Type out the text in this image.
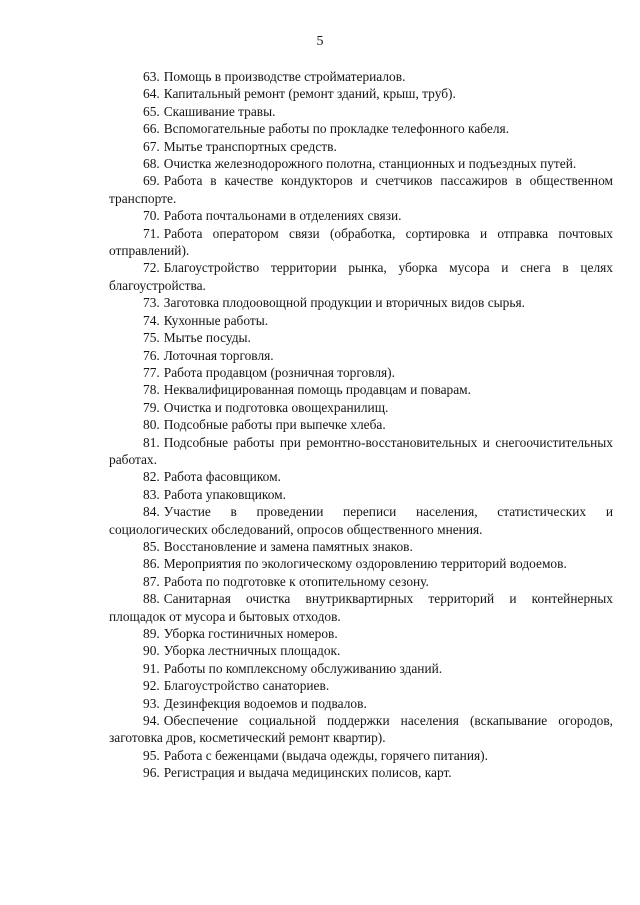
5

63. Помощь в производстве стройматериалов.

64. Капитальный ремонт (ремонт зданий, крыш, труб).

65. Скашивание травы.

66. Вспомогательные работы по прокладке телефонного кабеля.

67. Мытье транспортных средств.

68. Очистка железнодорожного полотна, станционных и подъездных путей.

69. Работа в качестве кондукторов и счетчиков пассажиров в общественном транспорте.

70. Работа почтальонами в отделениях связи.

71. Работа оператором связи (обработка, сортировка и отправка почтовых отправлений).

72. Благоустройство территории рынка, уборка мусора и снега в целях благоустройства.

73. Заготовка плодоовощной продукции и вторичных видов сырья.

74. Кухонные работы.

75. Мытье посуды.

76. Лоточная торговля.

77. Работа продавцом (розничная торговля).

78. Неквалифицированная помощь продавцам и поварам.

79. Очистка и подготовка овощехранилищ.

80. Подсобные работы при выпечке хлеба.

81. Подсобные работы при ремонтно-восстановительных и снегоочистительных работах.

82. Работа фасовщиком.

83. Работа упаковщиком.

84. Участие в проведении переписи населения, статистических и социологических обследований, опросов общественного мнения.

85. Восстановление и замена памятных знаков.

86. Мероприятия по экологическому оздоровлению территорий водоемов.

87. Работа по подготовке к отопительному сезону.

88. Санитарная очистка внутриквартирных территорий и контейнерных площадок от мусора и бытовых отходов.

89. Уборка гостиничных номеров.

90. Уборка лестничных площадок.

91. Работы по комплексному обслуживанию зданий.

92. Благоустройство санаториев.

93. Дезинфекция водоемов и подвалов.

94. Обеспечение социальной поддержки населения (вскапывание огородов, заготовка дров, косметический ремонт квартир).

95. Работа с беженцами (выдача одежды, горячего питания).

96. Регистрация и выдача медицинских полисов, карт.
